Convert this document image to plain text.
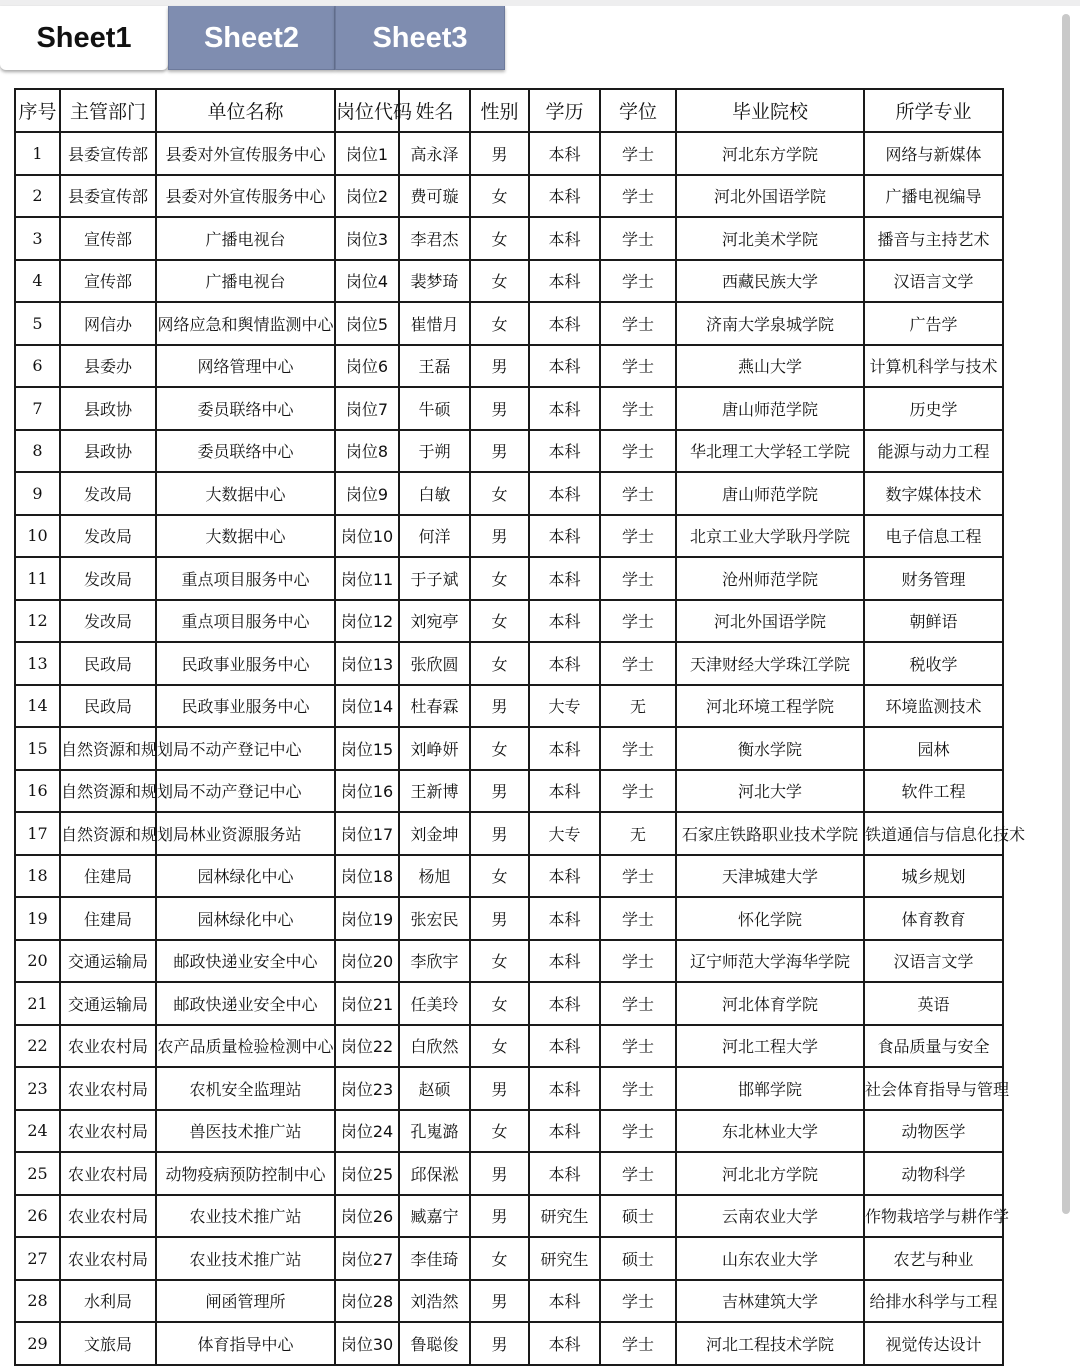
Sheet1	Sheet2	Sheet3
序号	主管部门	单位名称	岗位代码	姓名	性别	学历	学位	毕业院校	所学专业
1	县委宣传部	县委对外宣传服务中心	岗位1	高永泽	男	本科	学士	河北东方学院	网络与新媒体
2	县委宣传部	县委对外宣传服务中心	岗位2	费可璇	女	本科	学士	河北外国语学院	广播电视编导
3	宣传部	广播电视台	岗位3	李君杰	女	本科	学士	河北美术学院	播音与主持艺术
4	宣传部	广播电视台	岗位4	裴梦琦	女	本科	学士	西藏民族大学	汉语言文学
5	网信办	网络应急和舆情监测中心	岗位5	崔惜月	女	本科	学士	济南大学泉城学院	广告学
6	县委办	网络管理中心	岗位6	王磊	男	本科	学士	燕山大学	计算机科学与技术
7	县政协	委员联络中心	岗位7	牛硕	男	本科	学士	唐山师范学院	历史学
8	县政协	委员联络中心	岗位8	于朔	男	本科	学士	华北理工大学轻工学院	能源与动力工程
9	发改局	大数据中心	岗位9	白敏	女	本科	学士	唐山师范学院	数字媒体技术
10	发改局	大数据中心	岗位10	何洋	男	本科	学士	北京工业大学耿丹学院	电子信息工程
11	发改局	重点项目服务中心	岗位11	于子斌	女	本科	学士	沧州师范学院	财务管理
12	发改局	重点项目服务中心	岗位12	刘宛亭	女	本科	学士	河北外国语学院	朝鲜语
13	民政局	民政事业服务中心	岗位13	张欣圆	女	本科	学士	天津财经大学珠江学院	税收学
14	民政局	民政事业服务中心	岗位14	杜春霖	男	大专	无	河北环境工程学院	环境监测技术
15	自然资源和规划局	不动产登记中心	岗位15	刘峥妍	女	本科	学士	衡水学院	园林
16	自然资源和规划局	不动产登记中心	岗位16	王新博	男	本科	学士	河北大学	软件工程
17	自然资源和规划局	林业资源服务站	岗位17	刘金坤	男	大专	无	石家庄铁路职业技术学院	铁道通信与信息化技术
18	住建局	园林绿化中心	岗位18	杨旭	女	本科	学士	天津城建大学	城乡规划
19	住建局	园林绿化中心	岗位19	张宏民	男	本科	学士	怀化学院	体育教育
20	交通运输局	邮政快递业安全中心	岗位20	李欣宇	女	本科	学士	辽宁师范大学海华学院	汉语言文学
21	交通运输局	邮政快递业安全中心	岗位21	任美玲	女	本科	学士	河北体育学院	英语
22	农业农村局	农产品质量检验检测中心	岗位22	白欣然	女	本科	学士	河北工程大学	食品质量与安全
23	农业农村局	农机安全监理站	岗位23	赵硕	男	本科	学士	邯郸学院	社会体育指导与管理
24	农业农村局	兽医技术推广站	岗位24	孔嵬潞	女	本科	学士	东北林业大学	动物医学
25	农业农村局	动物疫病预防控制中心	岗位25	邱保淞	男	本科	学士	河北北方学院	动物科学
26	农业农村局	农业技术推广站	岗位26	臧嘉宁	男	研究生	硕士	云南农业大学	作物栽培学与耕作学
27	农业农村局	农业技术推广站	岗位27	李佳琦	女	研究生	硕士	山东农业大学	农艺与种业
28	水利局	闸函管理所	岗位28	刘浩然	男	本科	学士	吉林建筑大学	给排水科学与工程
29	文旅局	体育指导中心	岗位30	鲁聪俊	男	本科	学士	河北工程技术学院	视觉传达设计
